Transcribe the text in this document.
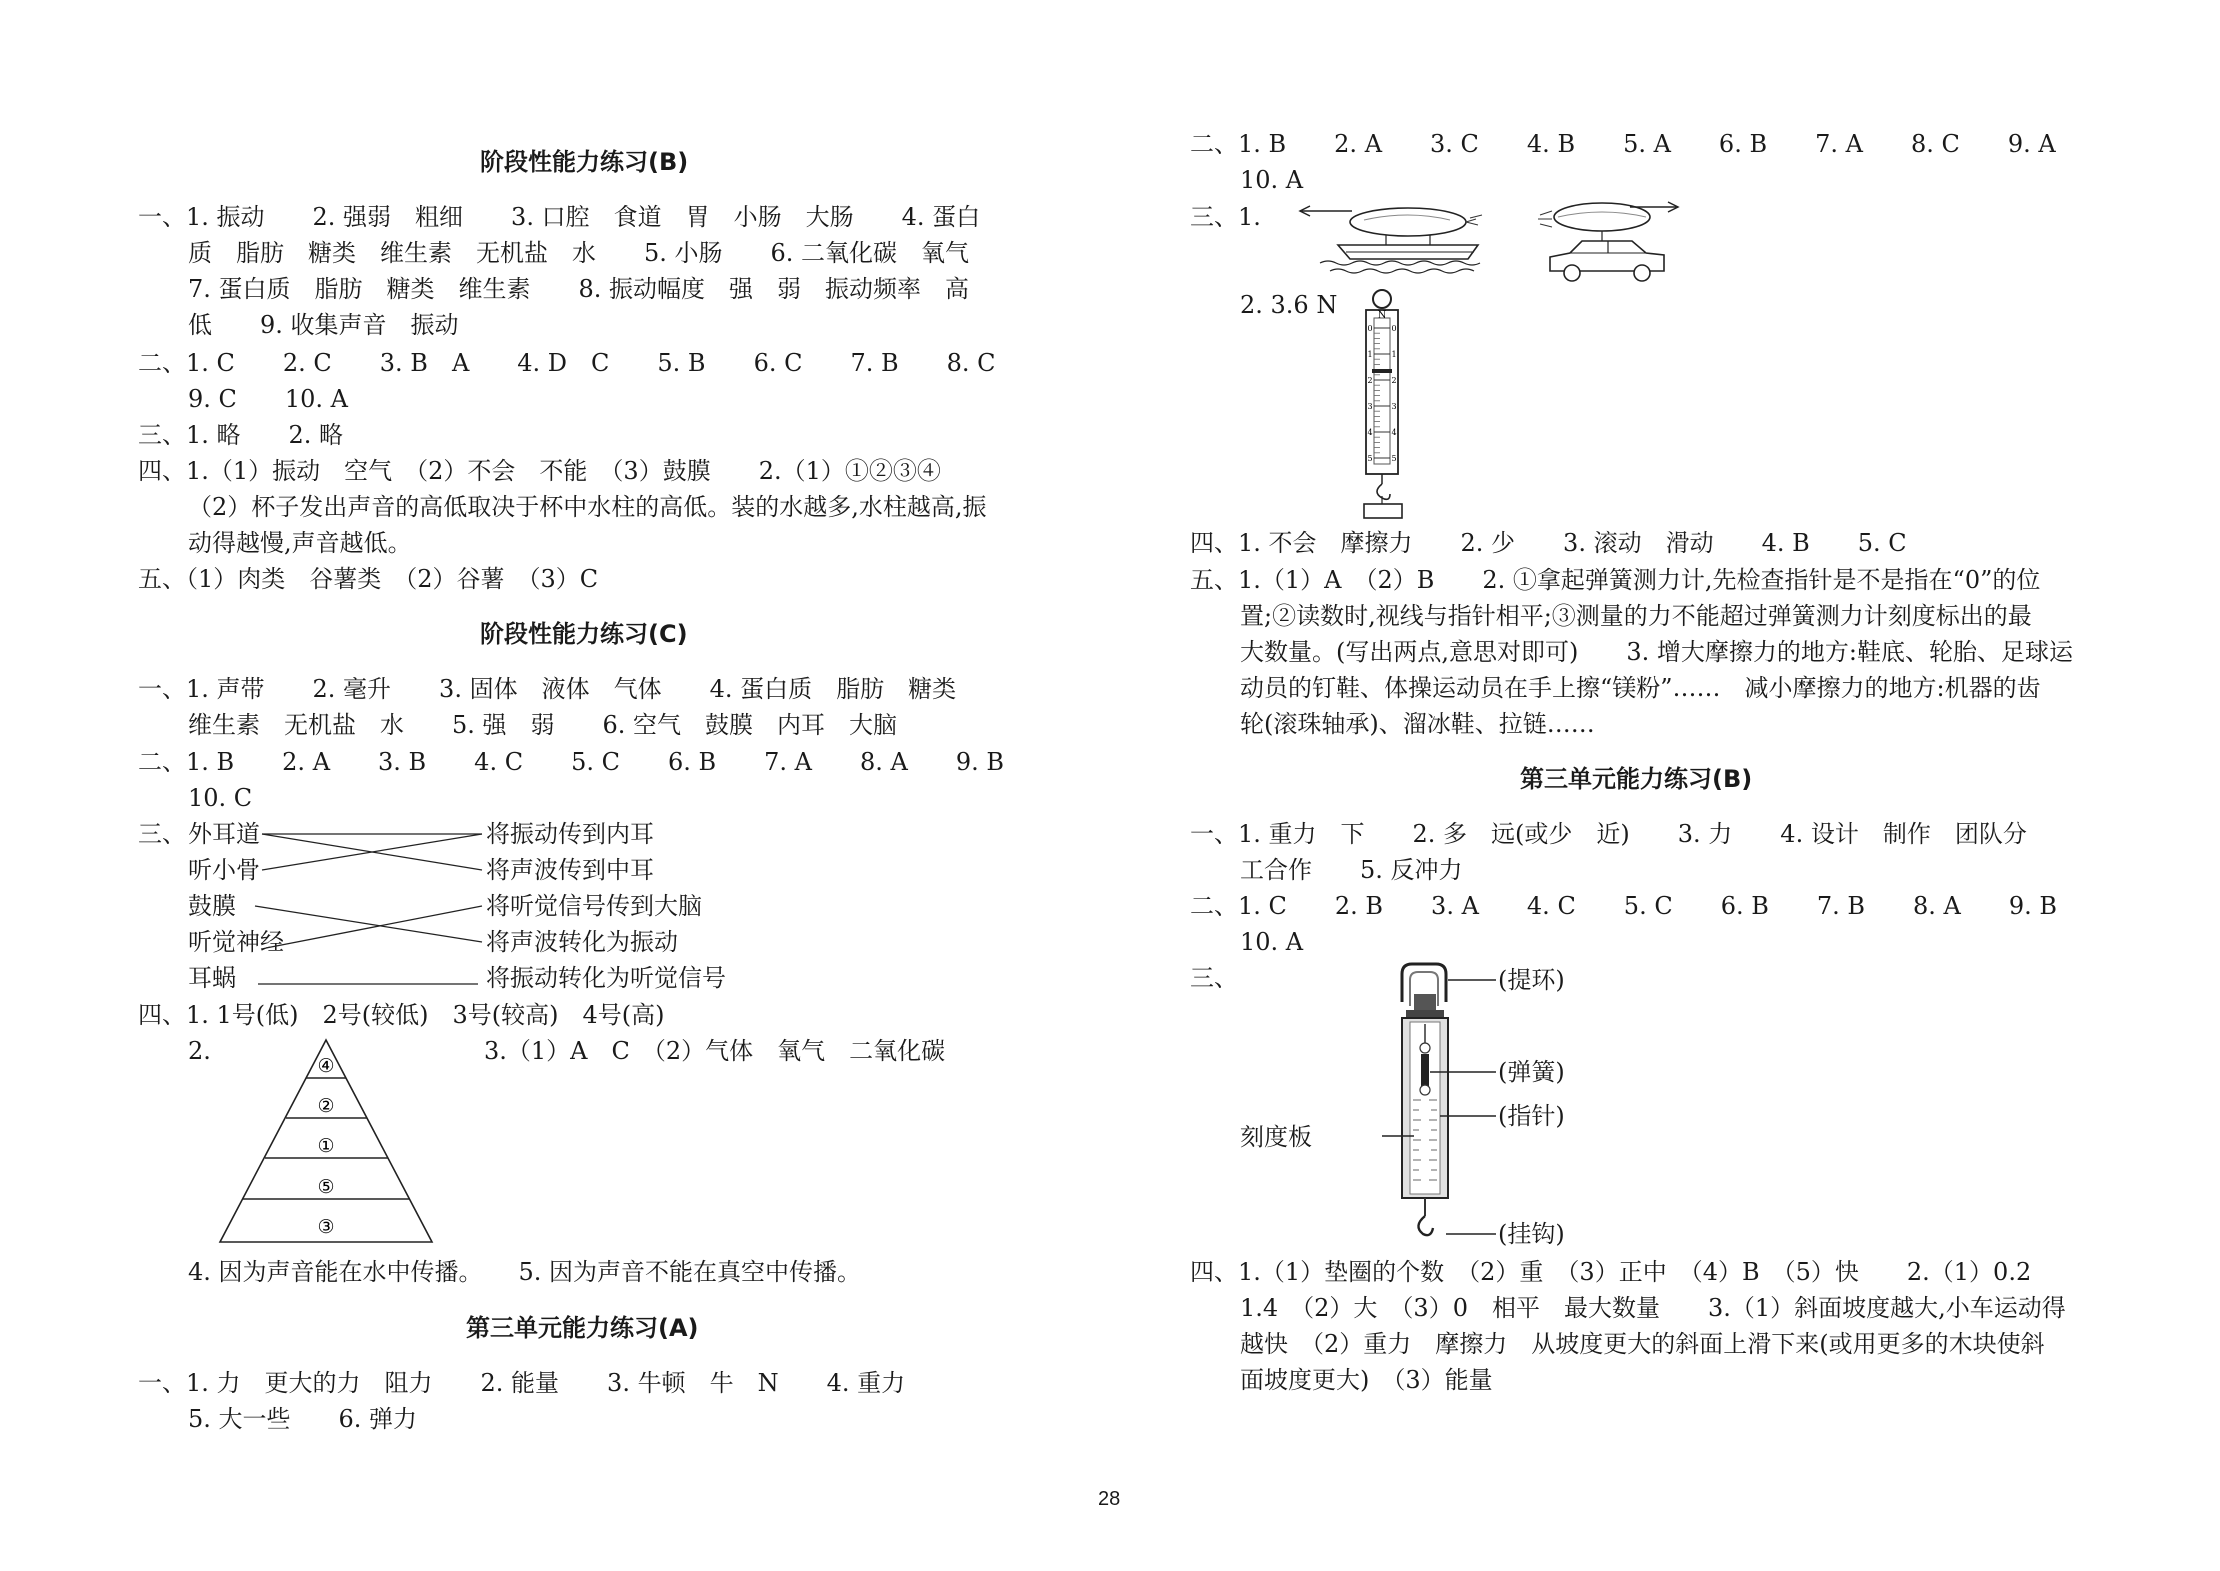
阶段性能力练习(B)
一、1. 振动　　2. 强弱　粗细　　3. 口腔　食道　胃　小肠　大肠　　4. 蛋白
质　脂肪　糖类　维生素　无机盐　水　　5. 小肠　　6. 二氧化碳　氧气
7. 蛋白质　脂肪　糖类　维生素　　8. 振动幅度　强　弱　振动频率　高
低　　9. 收集声音　振动
二、1. C　　2. C　　3. B　A　　4. D　C　　5. B　　6. C　　7. B　　8. C
9. C　　10. A
三、1. 略　　2. 略
四、1.（1）振动　空气　（2）不会　不能　（3）鼓膜　　2.（1）①②③④
（2）杯子发出声音的高低取决于杯中水柱的高低。装的水越多,水柱越高,振
动得越慢,声音越低。
五、（1）肉类　谷薯类　（2）谷薯　（3）C
阶段性能力练习(C)
一、1. 声带　　2. 毫升　　3. 固体　液体　气体　　4. 蛋白质　脂肪　糖类
维生素　无机盐　水　　5. 强　弱　　6. 空气　鼓膜　内耳　大脑
二、1. B　　2. A　　3. B　　4. C　　5. C　　6. B　　7. A　　8. A　　9. B
10. C
三、 外耳道
听小骨
鼓膜
听觉神经
耳蜗
将振动传到内耳
将声波传到中耳
将听觉信号传到大脑
将声波转化为振动
将振动转化为听觉信号
四、1. 1号(低)　2号(较低)　3号(较高)　4号(高)
2.	3.（1）A　C　（2）气体　氧气　二氧化碳
④
②
①
⑤
③
4. 因为声音能在水中传播。　　5. 因为声音不能在真空中传播。
第三单元能力练习(A)
一、1. 力　更大的力　阻力　　2. 能量　　3. 牛顿　牛　N　　4. 重力
5. 大一些　　6. 弹力
二、1. B　　2. A　　3. C　　4. B　　5. A　　6. B　　7. A　　8. C　　9. A
10. A
三、1.
2. 3.6 N	N
0 0
1 1
2 2
3 3
4 4
5 5
四、1. 不会　摩擦力　　2. 少　　3. 滚动　滑动　　4. B　　5. C
五、1.（1）A　（2）B　　2. ①拿起弹簧测力计,先检查指针是不是指在“0”的位
置;②读数时,视线与指针相平;③测量的力不能超过弹簧测力计刻度标出的最
大数量。(写出两点,意思对即可)　　3. 增大摩擦力的地方:鞋底、轮胎、足球运
动员的钉鞋、体操运动员在手上擦“镁粉”……　减小摩擦力的地方:机器的齿
轮(滚珠轴承)、溜冰鞋、拉链……
第三单元能力练习(B)
一、1. 重力　下　　2. 多　远(或少　近)　　3. 力　　4. 设计　制作　团队分
工合作　　5. 反冲力
二、1. C　　2. B　　3. A　　4. C　　5. C　　6. B　　7. B　　8. A　　9. B
10. A
三、	(提环)
(弹簧)
(指针)
刻度板
(挂钩)
四、1.（1）垫圈的个数　（2）重　（3）正中　（4）B　（5）快　　2.（1）0.2
1.4　（2）大　（3）0　相平　最大数量　　3.（1）斜面坡度越大,小车运动得
越快　（2）重力　摩擦力　从坡度更大的斜面上滑下来(或用更多的木块使斜
面坡度更大)　（3）能量
28
